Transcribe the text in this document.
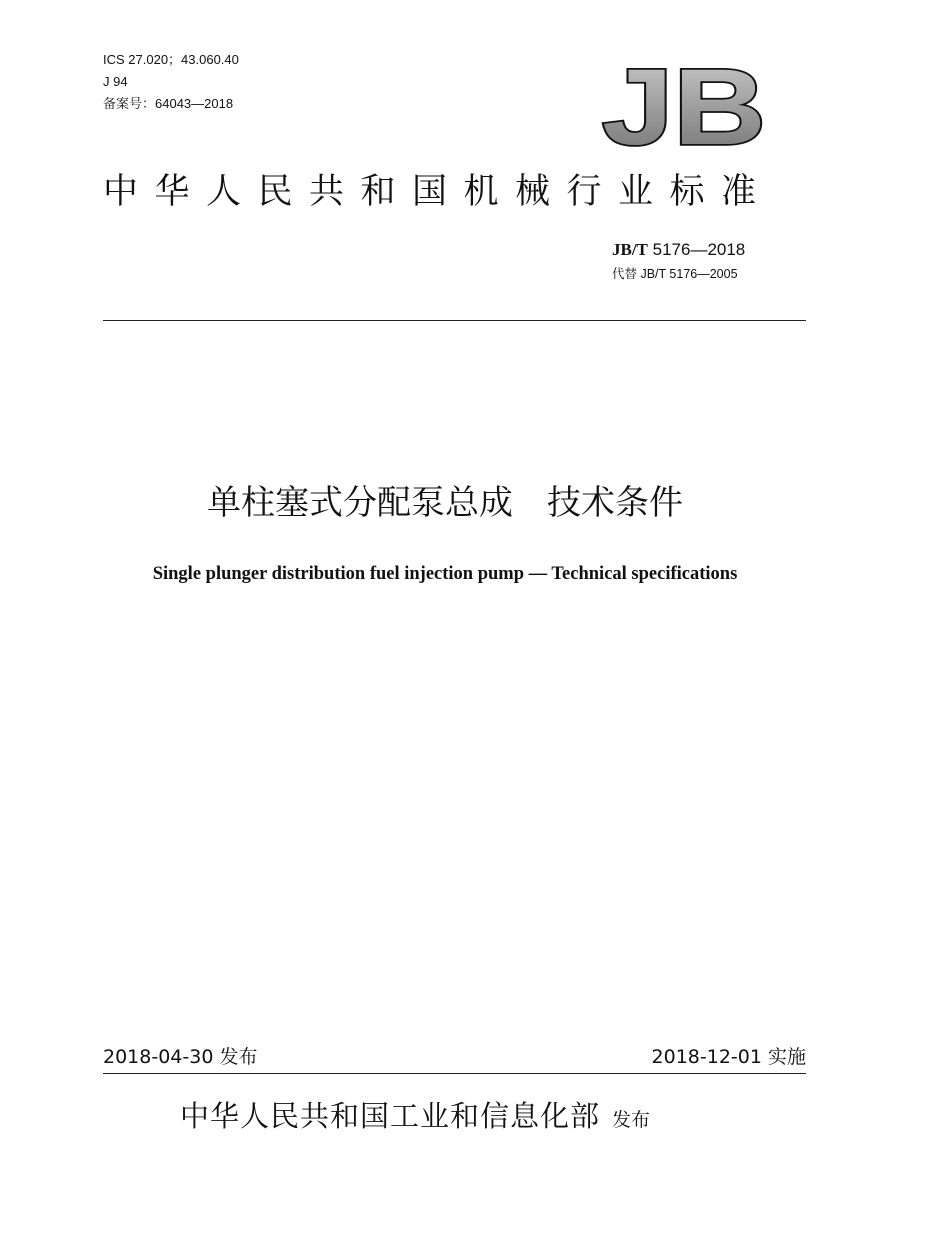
ICS 27.020；43.060.40
J 94
备案号：64043—2018	JB
中华人民共和国机械行业标准
JB/T 5176—2018
代替 JB/T 5176—2005
单柱塞式分配泵总成　技术条件
Single plunger distribution fuel injection pump — Technical specifications
2018-04-30 发布	2018-12-01 实施
中华人民共和国工业和信息化部 发布
